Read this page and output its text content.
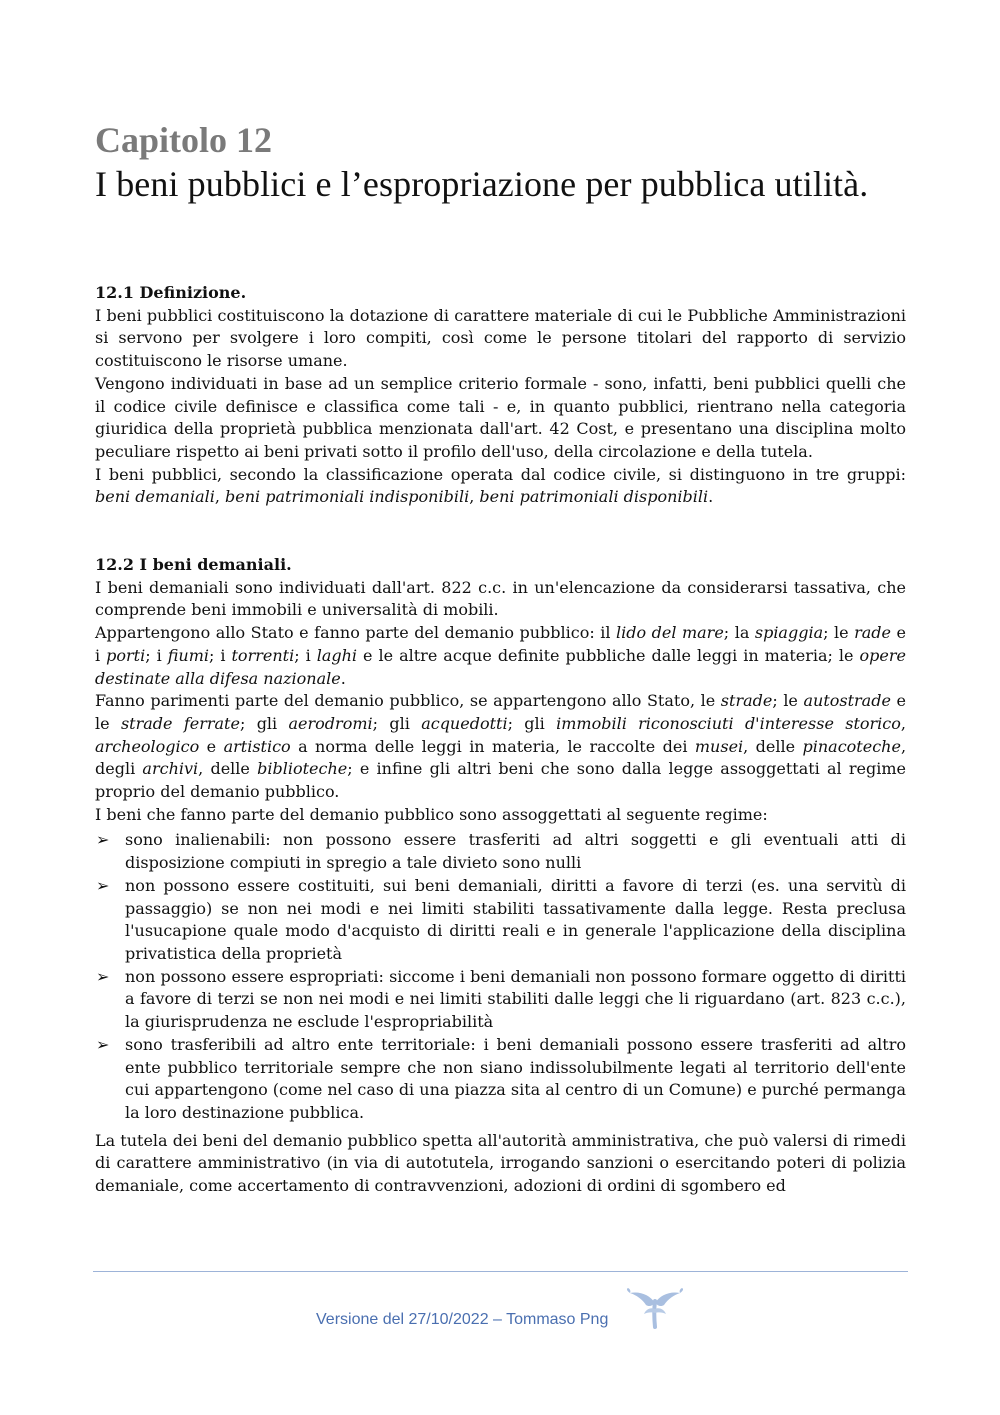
Capitolo 12
I beni pubblici e l’espropriazione per pubblica utilità.
12.1 Definizione.

I beni pubblici costituiscono la dotazione di carattere materiale di cui le Pubbliche Amministrazioni si servono per svolgere i loro compiti, così come le persone titolari del rapporto di servizio costituiscono le risorse umane.

Vengono individuati in base ad un semplice criterio formale - sono, infatti, beni pubblici quelli che il codice civile definisce e classifica come tali - e, in quanto pubblici, rientrano nella categoria giuridica della proprietà pubblica menzionata dall'art. 42 Cost, e presentano una disciplina molto peculiare rispetto ai beni privati sotto il profilo dell'uso, della circolazione e della tutela.

I beni pubblici, secondo la classificazione operata dal codice civile, si distinguono in tre gruppi: beni demaniali, beni patrimoniali indisponibili, beni patrimoniali disponibili.

12.2 I beni demaniali.

I beni demaniali sono individuati dall'art. 822 c.c. in un'elencazione da considerarsi tassativa, che comprende beni immobili e universalità di mobili.

Appartengono allo Stato e fanno parte del demanio pubblico: il lido del mare; la spiaggia; le rade e i porti; i fiumi; i torrenti; i laghi e le altre acque definite pubbliche dalle leggi in materia; le opere destinate alla difesa nazionale.

Fanno parimenti parte del demanio pubblico, se appartengono allo Stato, le strade; le autostrade e le strade ferrate; gli aerodromi; gli acquedotti; gli immobili riconosciuti d'interesse storico, archeologico e artistico a norma delle leggi in materia, le raccolte dei musei, delle pinacoteche, degli archivi, delle biblioteche; e infine gli altri beni che sono dalla legge assoggettati al regime proprio del demanio pubblico.

I beni che fanno parte del demanio pubblico sono assoggettati al seguente regime:

➢ sono inalienabili: non possono essere trasferiti ad altri soggetti e gli eventuali atti di disposizione compiuti in spregio a tale divieto sono nulli
➢ non possono essere costituiti, sui beni demaniali, diritti a favore di terzi (es. una servitù di passaggio) se non nei modi e nei limiti stabiliti tassativamente dalla legge. Resta preclusa l'usucapione quale modo d'acquisto di diritti reali e in generale l'applicazione della disciplina privatistica della proprietà
➢ non possono essere espropriati: siccome i beni demaniali non possono formare oggetto di diritti a favore di terzi se non nei modi e nei limiti stabiliti dalle leggi che li riguardano (art. 823 c.c.), la giurisprudenza ne esclude l'espropriabilità
➢ sono trasferibili ad altro ente territoriale: i beni demaniali possono essere trasferiti ad altro ente pubblico territoriale sempre che non siano indissolubilmente legati al territorio dell'ente cui appartengono (come nel caso di una piazza sita al centro di un Comune) e purché permanga la loro destinazione pubblica.

La tutela dei beni del demanio pubblico spetta all'autorità amministrativa, che può valersi di rimedi di carattere amministrativo (in via di autotutela, irrogando sanzioni o esercitando poteri di polizia demaniale, come accertamento di contravvenzioni, adozioni di ordini di sgombero ed

Versione del 27/10/2022 – Tommaso Png
